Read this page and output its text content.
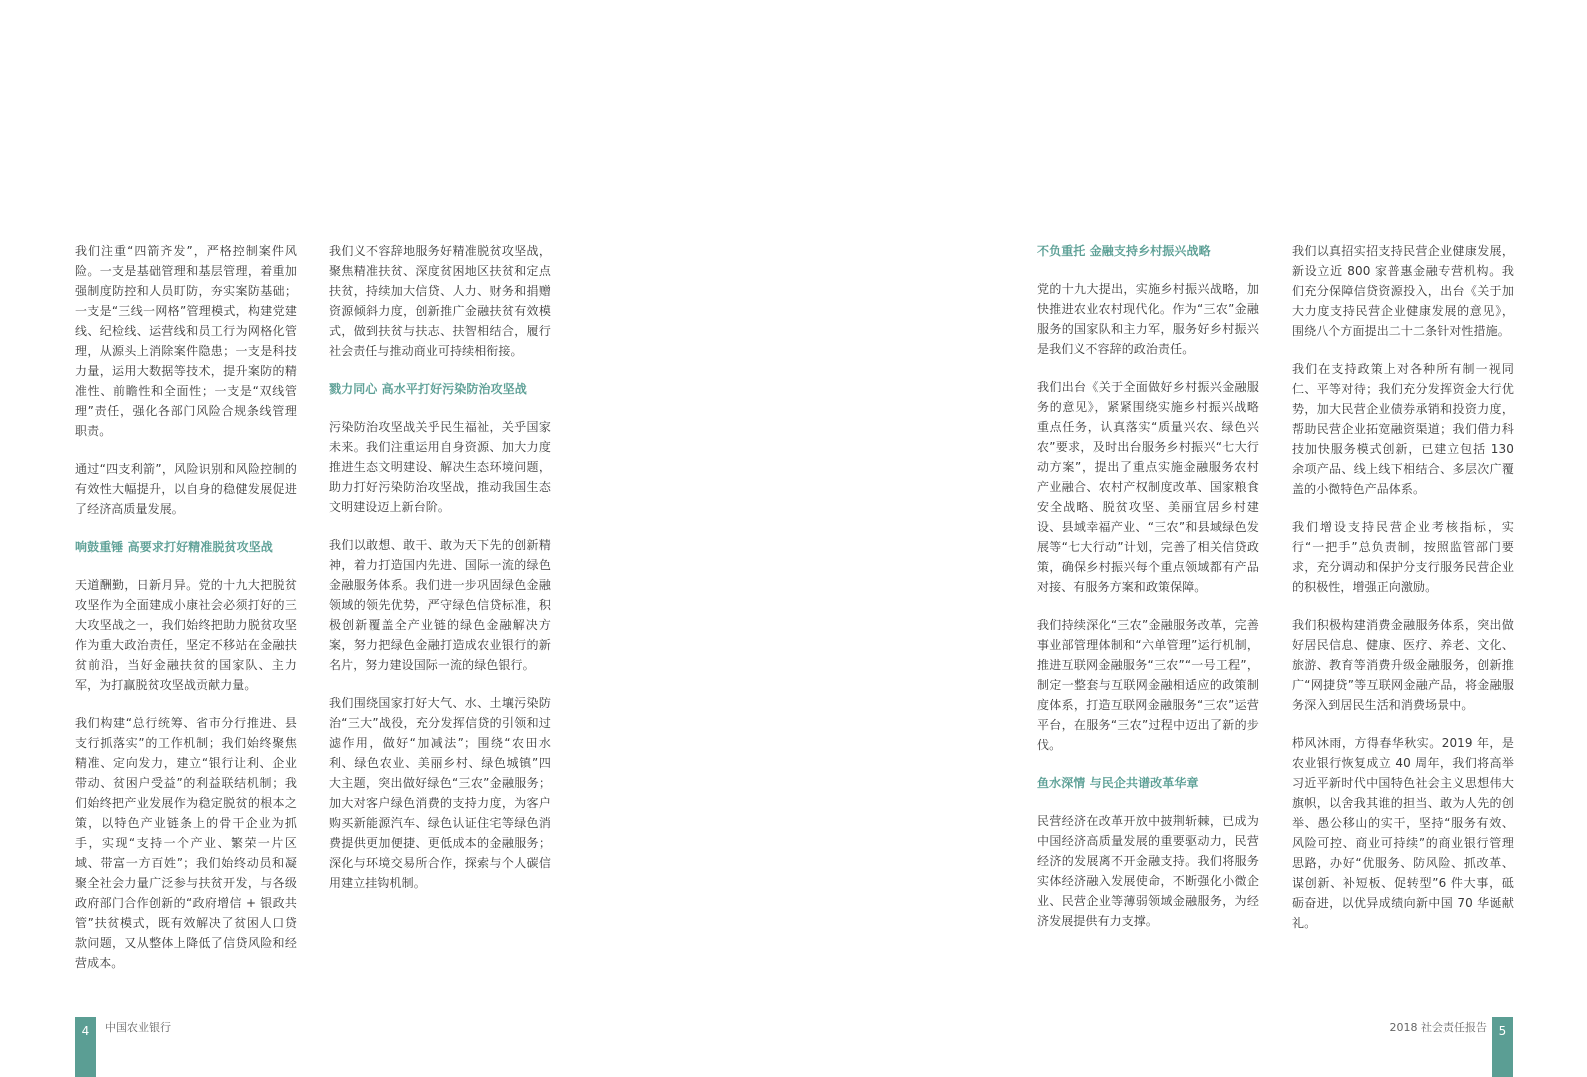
我们注重“四箭齐发”，严格控制案件风险。一支是基础管理和基层管理，着重加强制度防控和人员盯防，夯实案防基础；一支是“三线一网格”管理模式，构建党建线、纪检线、运营线和员工行为网格化管理，从源头上消除案件隐患；一支是科技力量，运用大数据等技术，提升案防的精准性、前瞻性和全面性；一支是“双线管理”责任，强化各部门风险合规条线管理职责。

通过“四支利箭”，风险识别和风险控制的有效性大幅提升，以自身的稳健发展促进了经济高质量发展。

响鼓重锤 高要求打好精准脱贫攻坚战

天道酬勤，日新月异。党的十九大把脱贫攻坚作为全面建成小康社会必须打好的三大攻坚战之一，我们始终把助力脱贫攻坚作为重大政治责任，坚定不移站在金融扶贫前沿，当好金融扶贫的国家队、主力军，为打赢脱贫攻坚战贡献力量。

我们构建“总行统筹、省市分行推进、县支行抓落实”的工作机制；我们始终聚焦精准、定向发力，建立“银行让利、企业带动、贫困户受益”的利益联结机制；我们始终把产业发展作为稳定脱贫的根本之策，以特色产业链条上的骨干企业为抓手，实现“支持一个产业、繁荣一片区域、带富一方百姓”；我们始终动员和凝聚全社会力量广泛参与扶贫开发，与各级政府部门合作创新的“政府增信 + 银政共管”扶贫模式，既有效解决了贫困人口贷款问题，又从整体上降低了信贷风险和经营成本。

我们义不容辞地服务好精准脱贫攻坚战，聚焦精准扶贫、深度贫困地区扶贫和定点扶贫，持续加大信贷、人力、财务和捐赠资源倾斜力度，创新推广金融扶贫有效模式，做到扶贫与扶志、扶智相结合，履行社会责任与推动商业可持续相衔接。

戮力同心 高水平打好污染防治攻坚战

污染防治攻坚战关乎民生福祉，关乎国家未来。我们注重运用自身资源、加大力度推进生态文明建设、解决生态环境问题，助力打好污染防治攻坚战，推动我国生态文明建设迈上新台阶。

我们以敢想、敢干、敢为天下先的创新精神，着力打造国内先进、国际一流的绿色金融服务体系。我们进一步巩固绿色金融领域的领先优势，严守绿色信贷标准，积极创新覆盖全产业链的绿色金融解决方案，努力把绿色金融打造成农业银行的新名片，努力建设国际一流的绿色银行。

我们围绕国家打好大气、水、土壤污染防治“三大”战役，充分发挥信贷的引领和过滤作用，做好“加减法”；围绕“农田水利、绿色农业、美丽乡村、绿色城镇”四大主题，突出做好绿色“三农”金融服务；加大对客户绿色消费的支持力度，为客户购买新能源汽车、绿色认证住宅等绿色消费提供更加便捷、更低成本的金融服务；深化与环境交易所合作，探索与个人碳信用建立挂钩机制。

不负重托 金融支持乡村振兴战略

党的十九大提出，实施乡村振兴战略，加快推进农业农村现代化。作为“三农”金融服务的国家队和主力军，服务好乡村振兴是我们义不容辞的政治责任。

我们出台《关于全面做好乡村振兴金融服务的意见》，紧紧围绕实施乡村振兴战略重点任务，认真落实“质量兴农、绿色兴农”要求，及时出台服务乡村振兴“七大行动方案”，提出了重点实施金融服务农村产业融合、农村产权制度改革、国家粮食安全战略、脱贫攻坚、美丽宜居乡村建设、县域幸福产业、“三农”和县域绿色发展等“七大行动”计划，完善了相关信贷政策，确保乡村振兴每个重点领域都有产品对接、有服务方案和政策保障。

我们持续深化“三农”金融服务改革，完善事业部管理体制和“六单管理”运行机制，推进互联网金融服务“三农”“一号工程”，制定一整套与互联网金融相适应的政策制度体系，打造互联网金融服务“三农”运营平台，在服务“三农”过程中迈出了新的步伐。

鱼水深情 与民企共谱改革华章

民营经济在改革开放中披荆斩棘，已成为中国经济高质量发展的重要驱动力，民营经济的发展离不开金融支持。我们将服务实体经济融入发展使命，不断强化小微企业、民营企业等薄弱领域金融服务，为经济发展提供有力支撑。

我们以真招实招支持民营企业健康发展，新设立近 800 家普惠金融专营机构。我们充分保障信贷资源投入，出台《关于加大力度支持民营企业健康发展的意见》，围绕八个方面提出二十二条针对性措施。

我们在支持政策上对各种所有制一视同仁、平等对待；我们充分发挥资金大行优势，加大民营企业债券承销和投资力度，帮助民营企业拓宽融资渠道；我们借力科技加快服务模式创新，已建立包括 130 余项产品、线上线下相结合、多层次广覆盖的小微特色产品体系。

我们增设支持民营企业考核指标，实行“一把手”总负责制，按照监管部门要求，充分调动和保护分支行服务民营企业的积极性，增强正向激励。

我们积极构建消费金融服务体系，突出做好居民信息、健康、医疗、养老、文化、旅游、教育等消费升级金融服务，创新推广“网捷贷”等互联网金融产品，将金融服务深入到居民生活和消费场景中。

栉风沐雨，方得春华秋实。2019 年，是农业银行恢复成立 40 周年，我们将高举习近平新时代中国特色社会主义思想伟大旗帜，以舍我其谁的担当、敢为人先的创举、愚公移山的实干，坚持“服务有效、风险可控、商业可持续”的商业银行管理思路，办好“优服务、防风险、抓改革、谋创新、补短板、促转型”6 件大事，砥砺奋进，以优异成绩向新中国 70 华诞献礼。

4	中国农业银行	2018 社会责任报告 5
